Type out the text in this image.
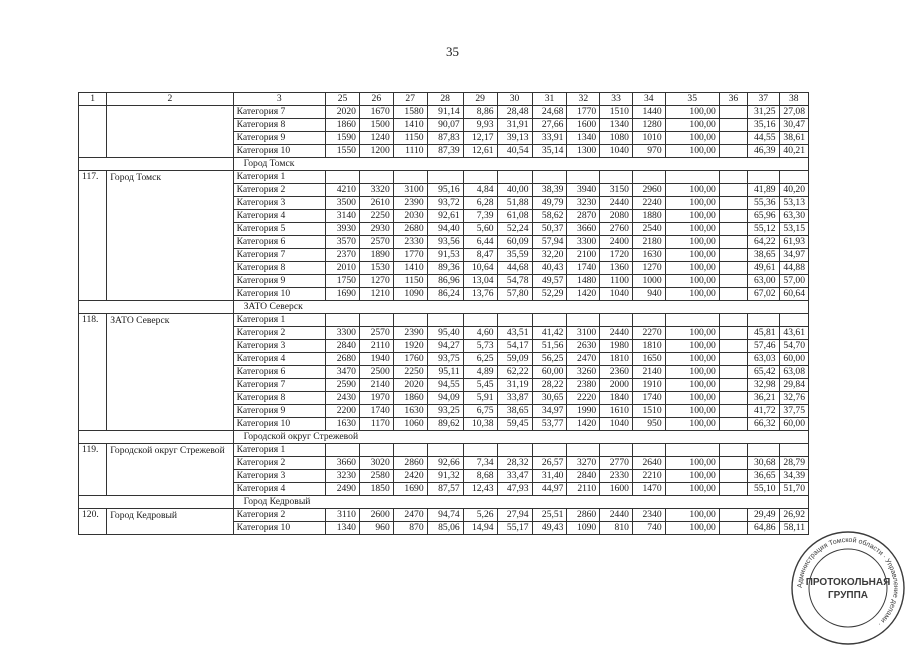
35
1	2	3	25	26	27	28	29	30	31	32	33	34	35	36	37	38
		Категория 7	2020	1670	1580	91,14	8,86	28,48	24,68	1770	1510	1440	100,00		31,25	27,08
		Категория 8	1860	1500	1410	90,07	9,93	31,91	27,66	1600	1340	1280	100,00		35,16	30,47
		Категория 9	1590	1240	1150	87,83	12,17	39,13	33,91	1340	1080	1010	100,00		44,55	38,61
		Категория 10	1550	1200	1110	87,39	12,61	40,54	35,14	1300	1040	970	100,00		46,39	40,21
		Город Томск														
117.	Город Томск	Категория 1														
		Категория 2	4210	3320	3100	95,16	4,84	40,00	38,39	3940	3150	2960	100,00		41,89	40,20
		Категория 3	3500	2610	2390	93,72	6,28	51,88	49,79	3230	2440	2240	100,00		55,36	53,13
		Категория 4	3140	2250	2030	92,61	7,39	61,08	58,62	2870	2080	1880	100,00		65,96	63,30
		Категория 5	3930	2930	2680	94,40	5,60	52,24	50,37	3660	2760	2540	100,00		55,12	53,15
		Категория 6	3570	2570	2330	93,56	6,44	60,09	57,94	3300	2400	2180	100,00		64,22	61,93
		Категория 7	2370	1890	1770	91,53	8,47	35,59	32,20	2100	1720	1630	100,00		38,65	34,97
		Категория 8	2010	1530	1410	89,36	10,64	44,68	40,43	1740	1360	1270	100,00		49,61	44,88
		Категория 9	1750	1270	1150	86,96	13,04	54,78	49,57	1480	1100	1000	100,00		63,00	57,00
		Категория 10	1690	1210	1090	86,24	13,76	57,80	52,29	1420	1040	940	100,00		67,02	60,64
		ЗАТО Северск														
118.	ЗАТО Северск	Категория 1														
		Категория 2	3300	2570	2390	95,40	4,60	43,51	41,42	3100	2440	2270	100,00		45,81	43,61
		Категория 3	2840	2110	1920	94,27	5,73	54,17	51,56	2630	1980	1810	100,00		57,46	54,70
		Категория 4	2680	1940	1760	93,75	6,25	59,09	56,25	2470	1810	1650	100,00		63,03	60,00
		Категория 6	3470	2500	2250	95,11	4,89	62,22	60,00	3260	2360	2140	100,00		65,42	63,08
		Категория 7	2590	2140	2020	94,55	5,45	31,19	28,22	2380	2000	1910	100,00		32,98	29,84
		Категория 8	2430	1970	1860	94,09	5,91	33,87	30,65	2220	1840	1740	100,00		36,21	32,76
		Категория 9	2200	1740	1630	93,25	6,75	38,65	34,97	1990	1610	1510	100,00		41,72	37,75
		Категория 10	1630	1170	1060	89,62	10,38	59,45	53,77	1420	1040	950	100,00		66,32	60,00
		Городской округ Стрежевой														
119.	Городской округ Стрежевой	Категория 1														
		Категория 2	3660	3020	2860	92,66	7,34	28,32	26,57	3270	2770	2640	100,00		30,68	28,79
		Категория 3	3230	2580	2420	91,32	8,68	33,47	31,40	2840	2330	2210	100,00		36,65	34,39
		Категория 4	2490	1850	1690	87,57	12,43	47,93	44,97	2110	1600	1470	100,00		55,10	51,70
		Город Кедровый														
120.	Город Кедровый	Категория 2	3110	2600	2470	94,74	5,26	27,94	25,51	2860	2440	2340	100,00		29,49	26,92
		Категория 10	1340	960	870	85,06	14,94	55,17	49,43	1090	810	740	100,00		64,86	58,11
Администрация Томской области · Управление делами ·
ПРОТОКОЛЬНАЯ
ГРУППА
